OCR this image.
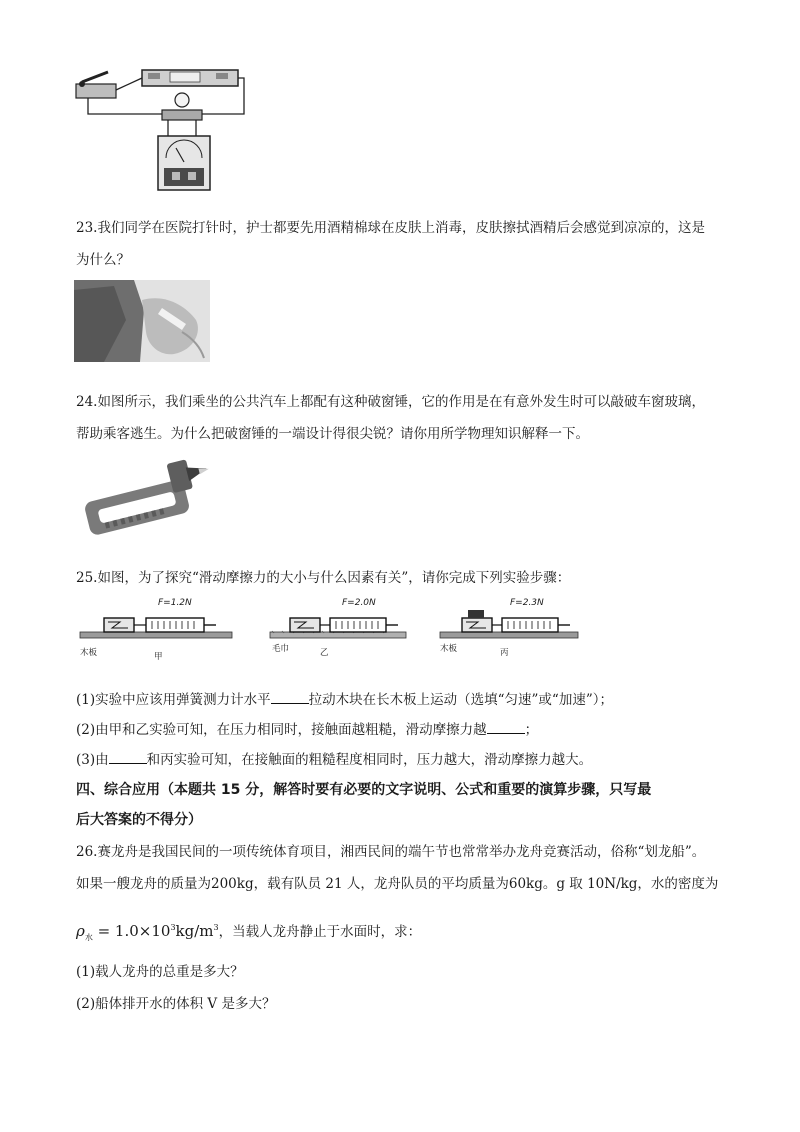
23.我们同学在医院打针时，护士都要先用酒精棉球在皮肤上消毒，皮肤擦拭酒精后会感觉到凉凉的，这是
为什么？
24.如图所示，我们乘坐的公共汽车上都配有这种破窗锤，它的作用是在有意外发生时可以敲破车窗玻璃，
帮助乘客逃生。为什么把破窗锤的一端设计得很尖锐？请你用所学物理知识解释一下。
25.如图，为了探究“滑动摩擦力的大小与什么因素有关”，请你完成下列实验步骤：
F=1.2N
木板	甲
F=2.0N
毛巾	乙
F=2.3N
木板	丙
(1)实验中应该用弹簧测力计水平	拉动木块在长木板上运动（选填“匀速”或“加速”）；
(2)由甲和乙实验可知，在压力相同时，接触面越粗糙，滑动摩擦力越	；
(3)由	和丙实验可知，在接触面的粗糙程度相同时，压力越大，滑动摩擦力越大。
四、综合应用（本题共 15 分，解答时要有必要的文字说明、公式和重要的演算步骤，只写最
后大答案的不得分）
26.赛龙舟是我国民间的一项传统体育项目，湘西民间的端午节也常常举办龙舟竞赛活动，俗称“划龙船”。
如果一艘龙舟的质量为200kg，载有队员 21 人，龙舟队员的平均质量为60kg。g 取 10N/kg，水的密度为
$\rho_水 = 1.0\times 10^3kg/m^3$，当载人龙舟静止于水面时，求：
(1)载人龙舟的总重是多大？
(2)船体排开水的体积 V 是多大？
